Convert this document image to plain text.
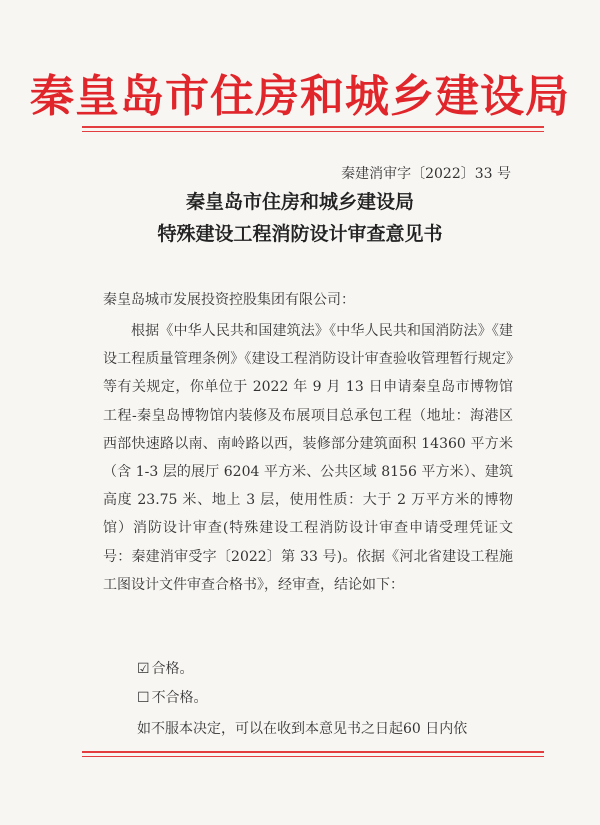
秦皇岛市住房和城乡建设局
秦建消审字〔2022〕33 号
秦皇岛市住房和城乡建设局
特殊建设工程消防设计审查意见书
秦皇岛城市发展投资控股集团有限公司：
根据《中华人民共和国建筑法》《中华人民共和国消防法》《建设工程质量管理条例》《建设工程消防设计审查验收管理暂行规定》等有关规定，你单位于 2022 年 9 月 13 日申请秦皇岛市博物馆工程-秦皇岛博物馆内装修及布展项目总承包工程（地址：海港区西部快速路以南、南岭路以西，装修部分建筑面积 14360 平方米（含 1-3 层的展厅 6204 平方米、公共区域 8156 平方米）、建筑高度 23.75 米、地上 3 层，使用性质：大于 2 万平方米的博物馆）消防设计审查(特殊建设工程消防设计审查申请受理凭证文号：秦建消审受字〔2022〕第 33 号)。依据《河北省建设工程施工图设计文件审查合格书》，经审查，结论如下：
☑ 合格。
☐ 不合格。
如不服本决定，可以在收到本意见书之日起60 日内依
